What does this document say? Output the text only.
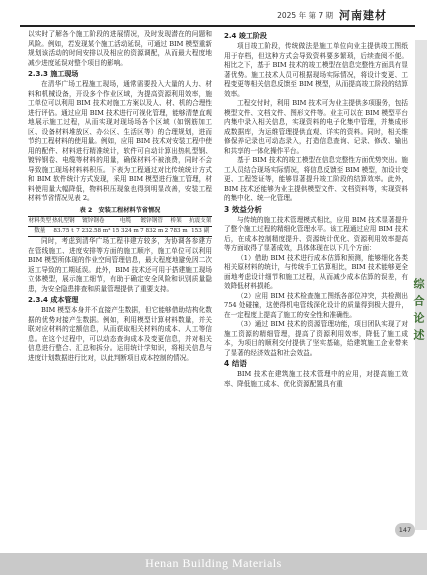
2025 年 第 7 期 河南建材
综合论述

以实时了解各个施工阶段的进展情况，及时发现潜在的问题和风险。例如，若发现某个施工活动延误，可通过 BIM 模型重新规划该活动的时间安排以及相应的资源调配，从而最大程度地减少进度延误对整个项目的影响。

2.3.3 施工现场

在清华广场工程施工现场，通常需要投入大量的人力、材料和机械设备，开设多个作业区域，为提高资源利用效率，施工单位可以利用 BIM 技术对施工方案以及人、材、机的合理性进行评估。通过应用 BIM 技术进行可视化管理，能够清楚直观地展示施工过程，从而实现对现场场各个区域（如钢筋加工区、设备材料堆放区、办公区、生活区等）的合理规划，进而节约工程材料的使用量。例如，应用 BIM 技术对安装工程中使用的配件、材料进行精准统计，软件可自动计算出热轧型钢、镀锌钢卷、电缆等材料的用量，确保材料不被浪费，同时不会导致施工现场材料料积压。下表为工程通过对比传统统计方式和 BIM 软件统计方式发现，采用 BIM 模型进行施工管理，材料使用量大幅降低，物料积压现象也得到明显改善，安装工程材料节省情况见表 2。

表 2　安装工程材料节省情况
材料类型	热轧型钢	镀锌钢卷	电缆	镀锌钢管	桥架	抗震支架
数量	83.75 t	7 232.58 m²	15 324 m	7 832 m	2 783 m	153 副

同时，考虑到清华广场工程非建方较多，为协调各参建方在管线施工、进度安排等方面的施工顺序，施工单位可以利用 BIM 模型所体现的作业空间管理信息，最大程度地避免因二次返工导致的工期延误。此外，BIM 技术还可用于搭建施工现场立体模型，展示施工细节，有助于确定安全风险和识别质量隐患，为安全隐患排查和质量管理提供了重要支持。

2.3.4 成本管理

BIM 模型本身并不直接产生数据，但它能够借助结构化数据的优势对接产生数据。例如，利用模型计算材料数量，并关联对应材料的定额信息，从而获取相关材料的成本、人工等信息。在这个过程中，可以动态查询成本及变更信息，并对相关信息进行整合、汇总和拆分。运用统计学知识，将相关信息与进度计划数据进行比对，以此判断项目成本控制的情况。

2.4 竣工阶段

项目竣工阶段，传统做法是施工单位向业主提供竣工图纸用于存档，但这种方式会导致资料要多繁琐，后续查阅不便。相比之下，基于 BIM 技术的竣工模型在信息完整性方面具有显著优势。施工技术人员可根据现场实际情况，将设计变更、工程变更等相关信息反馈至 BIM 模型，从而提高竣工阶段的结算效率。

工程交付时，利用 BIM 技术可为业主提供多项服务，包括模型文件、文档文件、图形文件等。业主可以在 BIM 模型平台内集中录入相关信息，实现资料的电子化集中管理，并集成形成数据库，为运维管理提供直观、详实的资料。同时，相关维修保养记录也可动态录入，打造信息查询、记录、修改、输出和共享的一体化操作平台。

基于 BIM 技术的竣工模型在信息完整性方面优势突出。施工人员结合现场实际情况，将信息反馈至 BIM 模型，加设计变更、工程签证等，能够显著提升竣工阶段的结算效率。此外，BIM 技术还能够为业主提供模型文件、文档资料等，实现资料的集中化、统一化管理。

3 效益分析

与传统的施工技术管理模式相比，应用 BIM 技术显著提升了整个施工过程的精细化管理水平。该工程通过应用 BIM 技术后，在成本控制精度提升、资源统计优化、资源利用效率提高等方面取得了显著成效，具体体现在以下几个方面：

（1）借助 BIM 技术进行成本估算和预测，能够细化各类相关原材料的统计，与传统手工估算相比，BIM 技术能够更全面地考虑设计细节和施工过程，从而减少成本估算的误差，有效降低材料损耗。

（2）应用 BIM 技术检查施工图纸各部位冲突，共检测出 754 处碰撞，这使得机电管线深化设计的质量得到极大提升，在一定程度上提高了施工的安全性和准确性。

（3）通过 BIM 技术的资源管理功能，项目团队实现了对施工资源的精细管理，提高了资源利用效率，降低了施工成本，为项目的顺利交付提供了坚实基础，给建筑施工企业带来了显著的经济效益和社会效益。

4 结语

BIM 技术在建筑施工技术管理中的应用，对提高施工效率、降低施工成本、优化资源配置具有重

147
Henan Building Materials
